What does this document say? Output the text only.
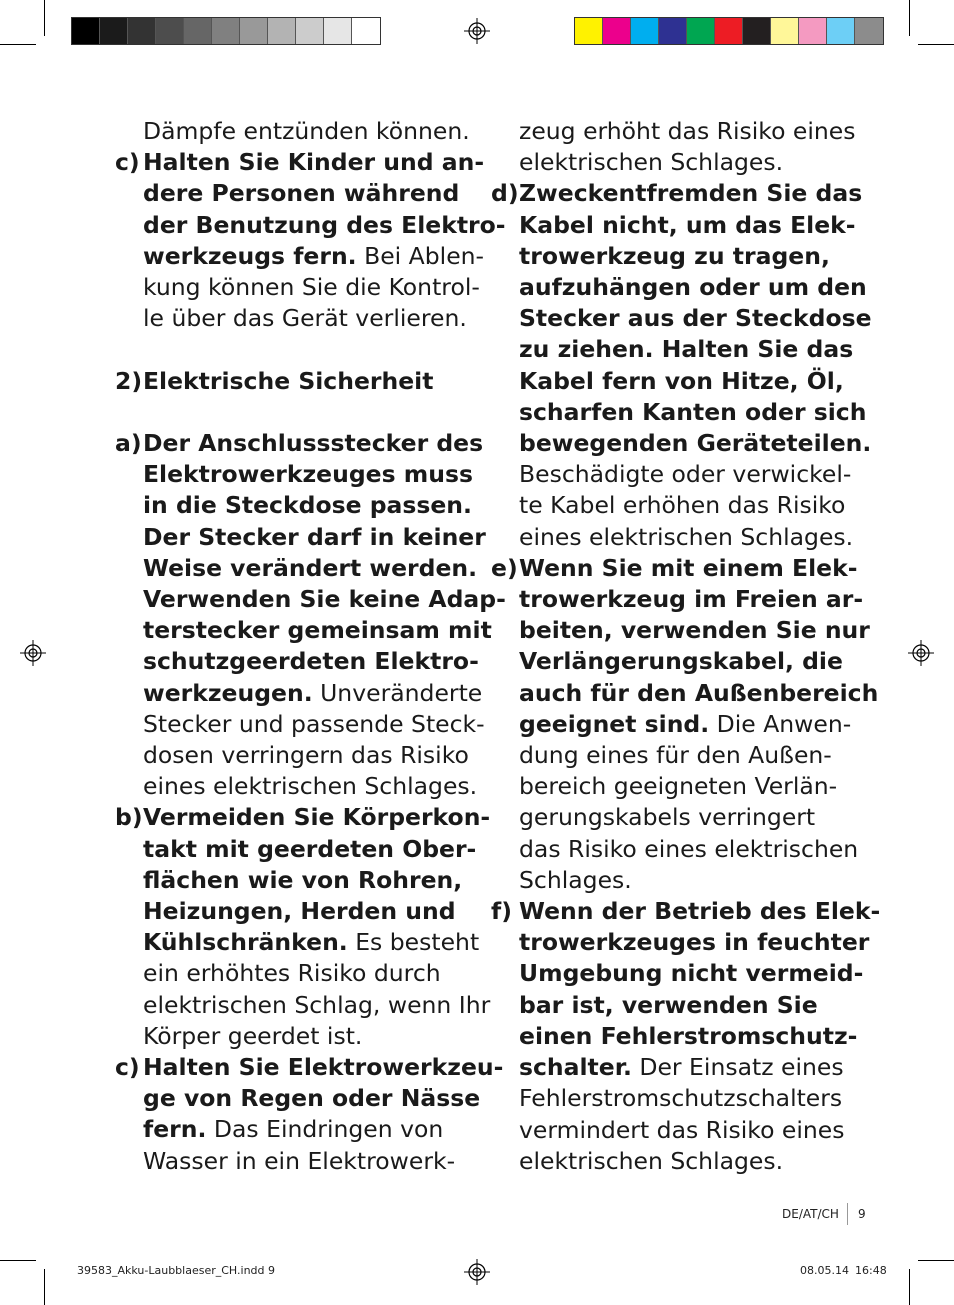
Dämpfe entzünden können.
c) Halten Sie Kinder und an-
dere Personen während
der Benutzung des Elektro-
werkzeugs fern. Bei Ablen-
kung können Sie die Kontrol-
le über das Gerät verlieren.
2) Elektrische Sicherheit
a) Der Anschlussstecker des
Elektrowerkzeuges muss
in die Steckdose passen.
Der Stecker darf in keiner
Weise verändert werden.
Verwenden Sie keine Adap-
terstecker gemeinsam mit
schutzgeerdeten Elektro-
werkzeugen. Unveränderte
Stecker und passende Steck-
dosen verringern das Risiko
eines elektrischen Schlages.
b) Vermeiden Sie Körperkon-
takt mit geerdeten Ober-
flächen wie von Rohren,
Heizungen, Herden und
Kühlschränken. Es besteht
ein erhöhtes Risiko durch
elektrischen Schlag, wenn Ihr
Körper geerdet ist.
c) Halten Sie Elektrowerkzeu-
ge von Regen oder Nässe
fern. Das Eindringen von
Wasser in ein Elektrowerk-
zeug erhöht das Risiko eines
elektrischen Schlages.
d) Zweckentfremden Sie das
Kabel nicht, um das Elek-
trowerkzeug zu tragen,
aufzuhängen oder um den
Stecker aus der Steckdose
zu ziehen. Halten Sie das
Kabel fern von Hitze, Öl,
scharfen Kanten oder sich
bewegenden Geräteteilen.
Beschädigte oder verwickel-
te Kabel erhöhen das Risiko
eines elektrischen Schlages.
e) Wenn Sie mit einem Elek-
trowerkzeug im Freien ar-
beiten, verwenden Sie nur
Verlängerungskabel, die
auch für den Außenbereich
geeignet sind. Die Anwen-
dung eines für den Außen-
bereich geeigneten Verlän-
gerungskabels verringert
das Risiko eines elektrischen
Schlages.
f) Wenn der Betrieb des Elek-
trowerkzeuges in feuchter
Umgebung nicht vermeid-
bar ist, verwenden Sie
einen Fehlerstromschutz-
schalter. Der Einsatz eines
Fehlerstromschutzschalters
vermindert das Risiko eines
elektrischen Schlages.
DE/AT/CH 9
39583_Akku-Laubblaeser_CH.indd 9	08.05.14 16:48
